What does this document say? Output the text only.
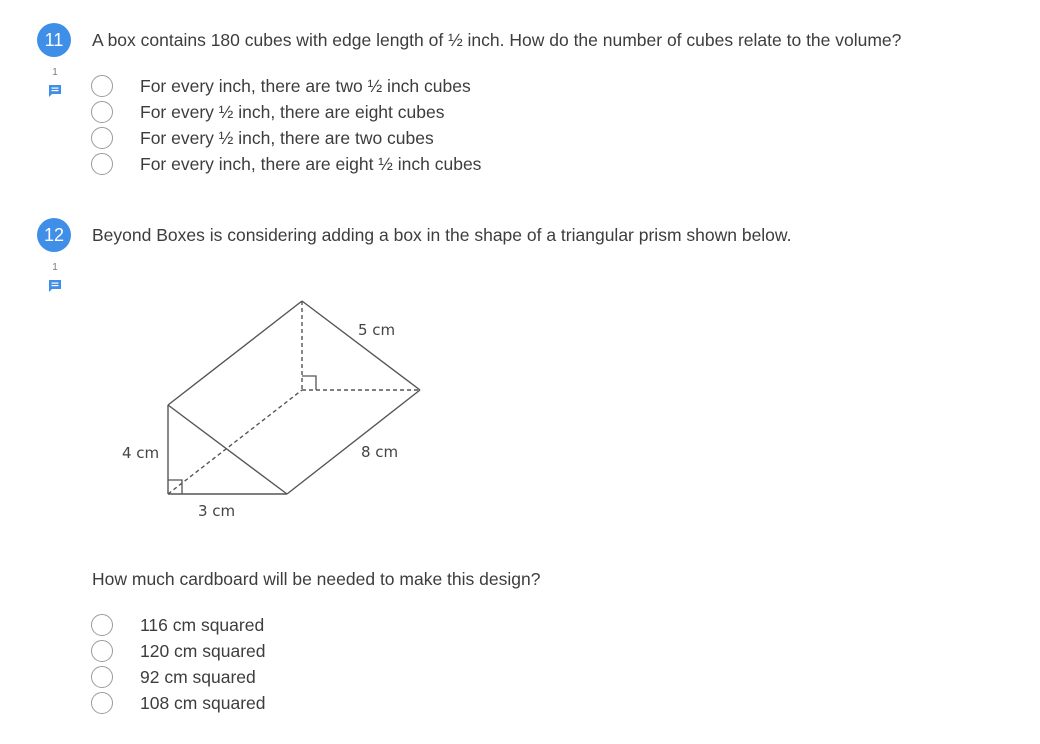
11
1
A box contains 180 cubes with edge length of ½ inch. How do the number of cubes relate to the volume?
For every inch, there are two ½ inch cubes
For every ½ inch, there are eight cubes
For every ½ inch, there are two cubes
For every inch, there are eight ½ inch cubes
12
1
Beyond Boxes is considering adding a box in the shape of a triangular prism shown below.
5 cm
8 cm
4 cm
3 cm
How much cardboard will be needed to make this design?
116 cm squared
120 cm squared
92 cm squared
108 cm squared
